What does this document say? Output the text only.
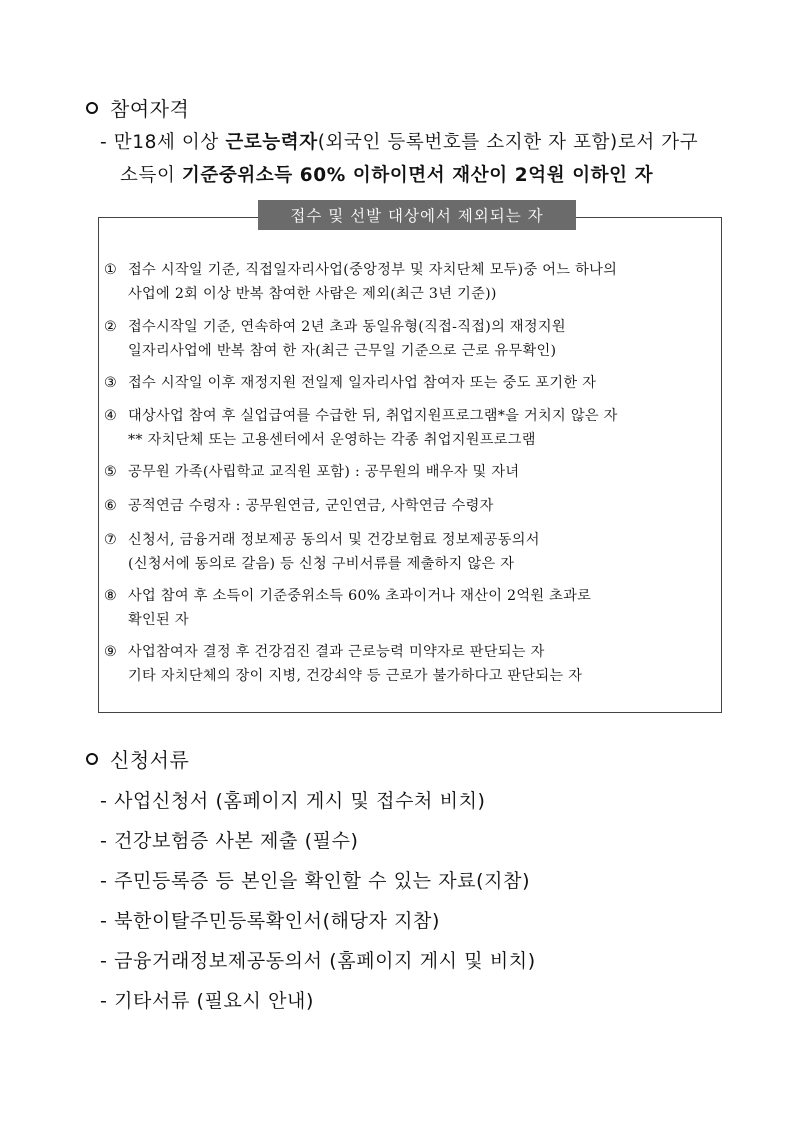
참여자격
- 만18세 이상 근로능력자(외국인 등록번호를 소지한 자 포함)로서 가구
소득이 기준중위소득 60% 이하이면서 재산이 2억원 이하인 자
접수 및 선발 대상에서 제외되는 자
① 접수 시작일 기준, 직접일자리사업(중앙정부 및 자치단체 모두)중 어느 하나의
사업에 2회 이상 반복 참여한 사람은 제외(최근 3년 기준))
② 접수시작일 기준, 연속하여 2년 초과 동일유형(직접-직접)의 재정지원
일자리사업에 반복 참여 한 자(최근 근무일 기준으로 근로 유무확인)
③ 접수 시작일 이후 재정지원 전일제 일자리사업 참여자 또는 중도 포기한 자
④ 대상사업 참여 후 실업급여를 수급한 뒤, 취업지원프로그램*을 거치지 않은 자
** 자치단체 또는 고용센터에서 운영하는 각종 취업지원프로그램
⑤ 공무원 가족(사립학교 교직원 포함) : 공무원의 배우자 및 자녀
⑥ 공적연금 수령자 : 공무원연금, 군인연금, 사학연금 수령자
⑦ 신청서, 금융거래 정보제공 동의서 및 건강보험료 정보제공동의서
(신청서에 동의로 갈음) 등 신청 구비서류를 제출하지 않은 자
⑧ 사업 참여 후 소득이 기준중위소득 60% 초과이거나 재산이 2억원 초과로
확인된 자
⑨ 사업참여자 결정 후 건강검진 결과 근로능력 미약자로 판단되는 자
기타 자치단체의 장이 지병, 건강쇠약 등 근로가 불가하다고 판단되는 자
신청서류
- 사업신청서 (홈페이지 게시 및 접수처 비치)
- 건강보험증 사본 제출 (필수)
- 주민등록증 등 본인을 확인할 수 있는 자료(지참)
- 북한이탈주민등록확인서(해당자 지참)
- 금융거래정보제공동의서 (홈페이지 게시 및 비치)
- 기타서류 (필요시 안내)
